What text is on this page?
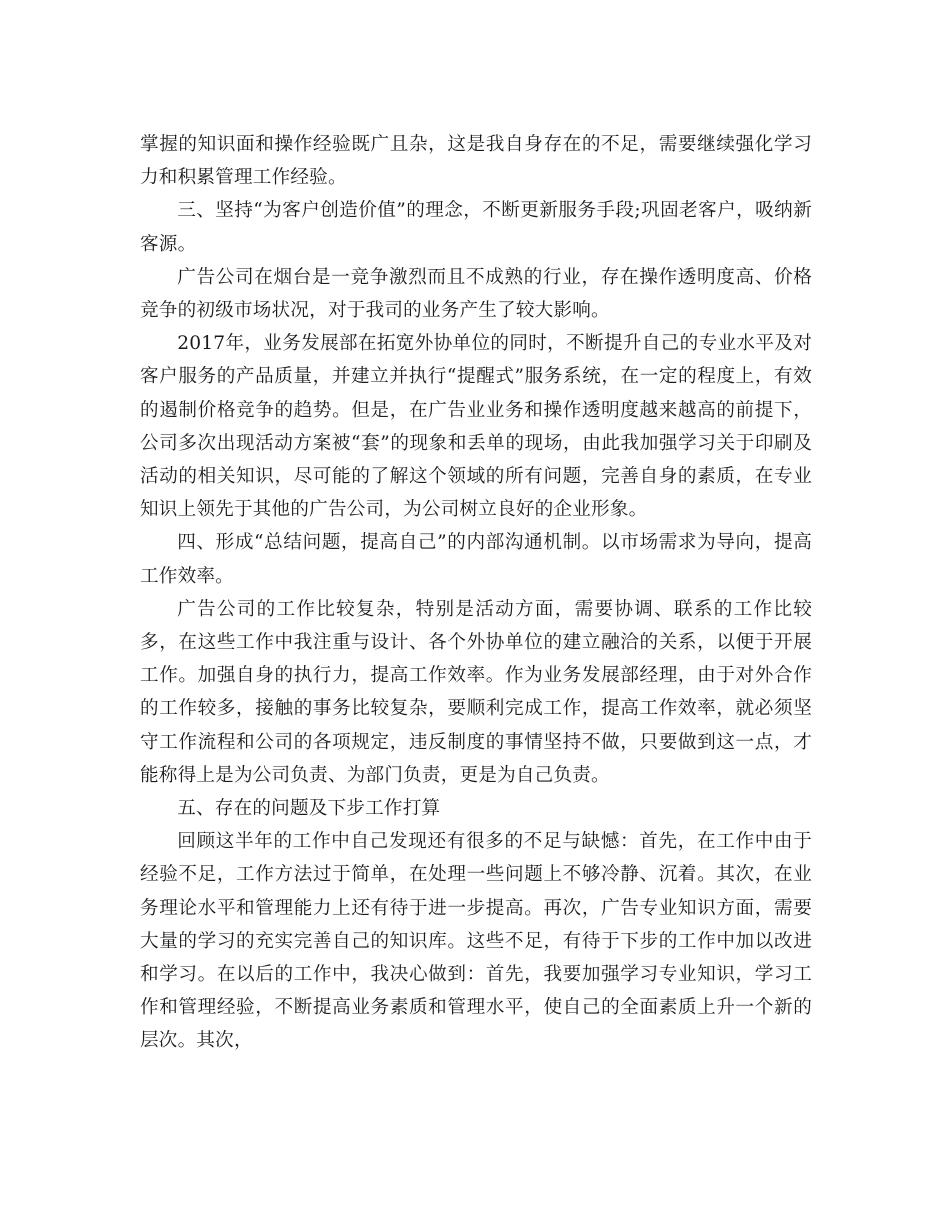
掌握的知识面和操作经验既广且杂，这是我自身存在的不足，需要继续强化学习力和积累管理工作经验。

三、坚持“为客户创造价值”的理念，不断更新服务手段;巩固老客户，吸纳新客源。

广告公司在烟台是一竞争激烈而且不成熟的行业，存在操作透明度高、价格竞争的初级市场状况，对于我司的业务产生了较大影响。

2017年，业务发展部在拓宽外协单位的同时，不断提升自己的专业水平及对客户服务的产品质量，并建立并执行“提醒式”服务系统，在一定的程度上，有效的遏制价格竞争的趋势。但是，在广告业业务和操作透明度越来越高的前提下，公司多次出现活动方案被“套”的现象和丢单的现场，由此我加强学习关于印刷及活动的相关知识，尽可能的了解这个领域的所有问题，完善自身的素质，在专业知识上领先于其他的广告公司，为公司树立良好的企业形象。

四、形成“总结问题，提高自己”的内部沟通机制。以市场需求为导向，提高工作效率。

广告公司的工作比较复杂，特别是活动方面，需要协调、联系的工作比较多，在这些工作中我注重与设计、各个外协单位的建立融洽的关系，以便于开展工作。加强自身的执行力，提高工作效率。作为业务发展部经理，由于对外合作的工作较多，接触的事务比较复杂，要顺利完成工作，提高工作效率，就必须坚守工作流程和公司的各项规定，违反制度的事情坚持不做，只要做到这一点，才能称得上是为公司负责、为部门负责，更是为自己负责。

五、存在的问题及下步工作打算

回顾这半年的工作中自己发现还有很多的不足与缺憾：首先，在工作中由于经验不足，工作方法过于简单，在处理一些问题上不够冷静、沉着。其次，在业务理论水平和管理能力上还有待于进一步提高。再次，广告专业知识方面，需要大量的学习的充实完善自己的知识库。这些不足，有待于下步的工作中加以改进和学习。在以后的工作中，我决心做到：首先，我要加强学习专业知识，学习工作和管理经验，不断提高业务素质和管理水平，使自己的全面素质上升一个新的层次。其次，
